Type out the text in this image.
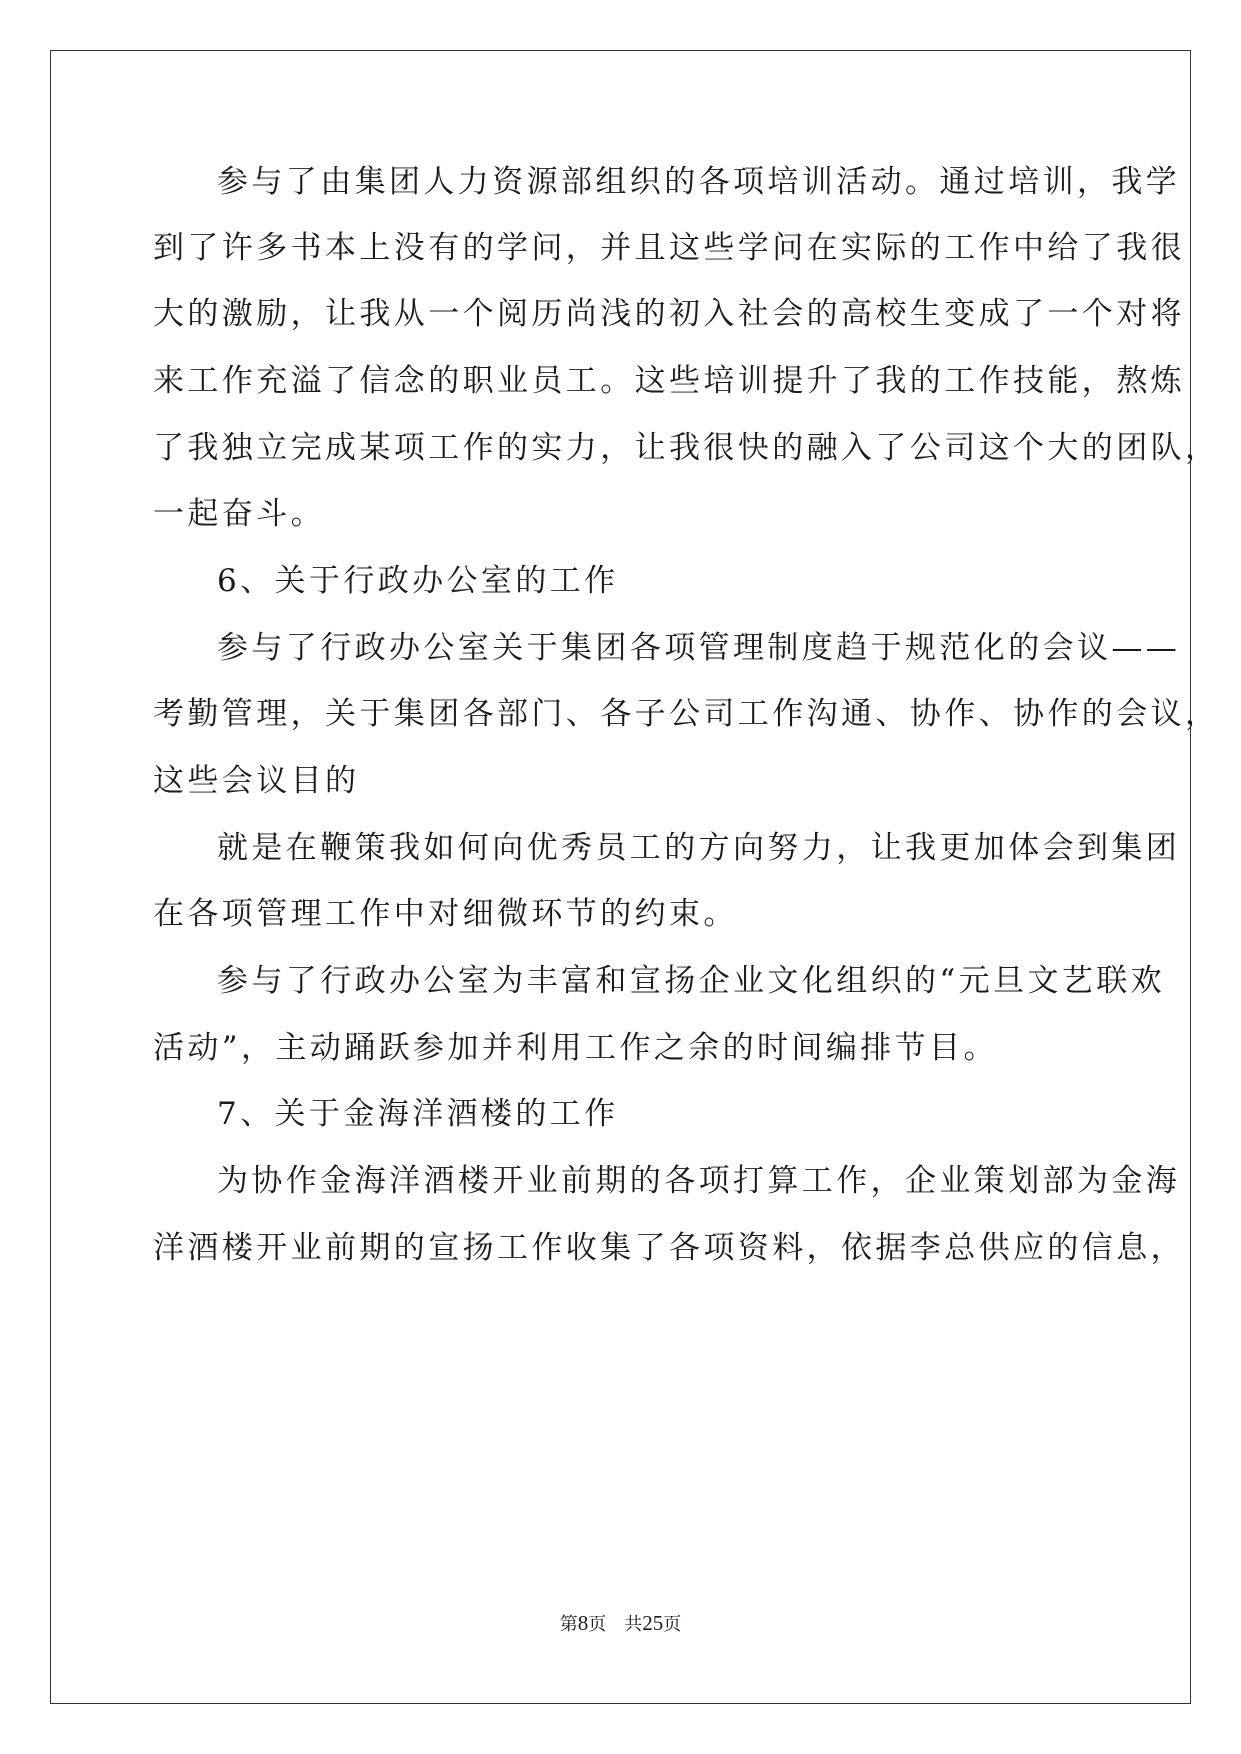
参与了由集团人力资源部组织的各项培训活动。通过培训，我学
到了许多书本上没有的学问，并且这些学问在实际的工作中给了我很
大的激励，让我从一个阅历尚浅的初入社会的高校生变成了一个对将
来工作充溢了信念的职业员工。这些培训提升了我的工作技能，熬炼
了我独立完成某项工作的实力，让我很快的融入了公司这个大的团队，
一起奋斗。
6、关于行政办公室的工作
参与了行政办公室关于集团各项管理制度趋于规范化的会议——
考勤管理，关于集团各部门、各子公司工作沟通、协作、协作的会议，
这些会议目的
就是在鞭策我如何向优秀员工的方向努力，让我更加体会到集团
在各项管理工作中对细微环节的约束。
参与了行政办公室为丰富和宣扬企业文化组织的“元旦文艺联欢
活动”，主动踊跃参加并利用工作之余的时间编排节目。
7、关于金海洋酒楼的工作
为协作金海洋酒楼开业前期的各项打算工作，企业策划部为金海
洋酒楼开业前期的宣扬工作收集了各项资料，依据李总供应的信息，
第8页　共25页
